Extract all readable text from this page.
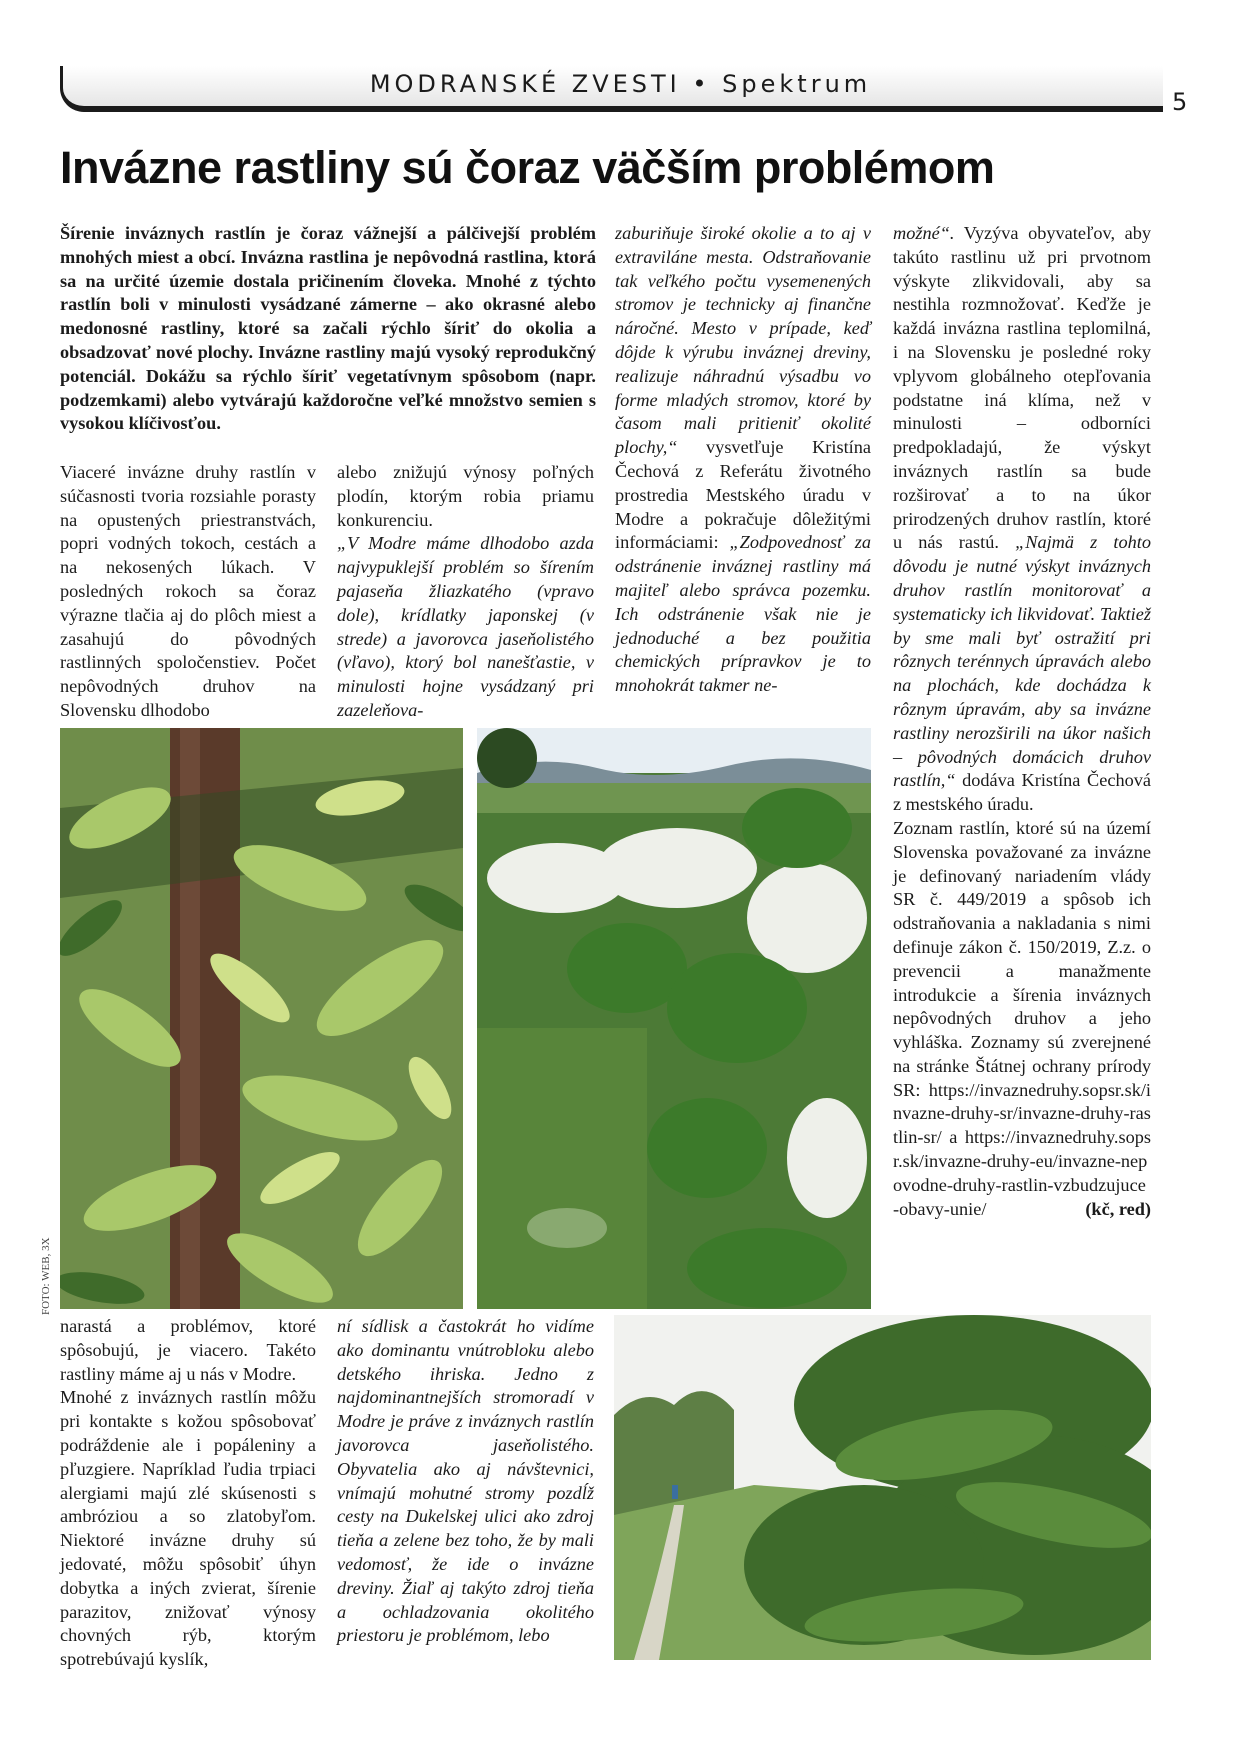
MODRANSKÉ ZVESTI • Spektrum
5
Invázne rastliny sú čoraz väčším problémom

Šírenie inváznych rastlín je čoraz vážnejší a pálčivejší problém mnohých miest a obcí. Invázna rastlina je nepôvodná rastlina, ktorá sa na určité územie dostala pričinením človeka. Mnohé z týchto rastlín boli v minulosti vysádzané zámerne – ako okrasné alebo medonosné rastliny, ktoré sa začali rýchlo šíriť do okolia a obsadzovať nové plochy. Invázne rastliny majú vysoký reprodukčný potenciál. Dokážu sa rýchlo šíriť vegetatívnym spôsobom (napr. podzemkami) alebo vytvárajú každoročne veľké množstvo semien s vysokou klíčivosťou.

Viaceré invázne druhy rastlín v súčasnosti tvoria rozsiahle porasty na opustených priestranstvách, popri vodných tokoch, cestách a na nekosených lúkach. V posledných rokoch sa čoraz výrazne tlačia aj do plôch miest a zasahujú do pôvodných rastlinných spoločenstiev. Počet nepôvodných druhov na Slovensku dlhodobo

alebo znižujú výnosy poľných plodín, ktorým robia priamu konkurenciu.
„V Modre máme dlhodobo azda najvypuklejší problém so šírením pajaseňa žliazkatého (vpravo dole), krídlatky japonskej (v strede) a javorovca jaseňolistého (vľavo), ktorý bol nanešťastie, v minulosti hojne vysádzaný pri zazeleňova-
zaburiňuje široké okolie a to aj v extraviláne mesta. Odstraňovanie tak veľkého počtu vysemenených stromov je technicky aj finančne náročné. Mesto v prípade, keď dôjde k výrubu inváznej dreviny, realizuje náhradnú výsadbu vo forme mladých stromov, ktoré by časom mali pritieniť okolité plochy,“ vysvetľuje Kristína Čechová z Referátu životného prostredia Mestského úradu v Modre a pokračuje dôležitými informáciami: „Zodpovednosť za odstránenie inváznej rastliny má majiteľ alebo správca pozemku. Ich odstránenie však nie je jednoduché a bez použitia chemických prípravkov je to mnohokrát takmer ne-
možné“. Vyzýva obyvateľov, aby takúto rastlinu už pri prvotnom výskyte zlikvidovali, aby sa nestihla rozmnožovať. Keďže je každá invázna rastlina teplomilná, i na Slovensku je posledné roky vplyvom globálneho otepľovania podstatne iná klíma, než v minulosti – odborníci predpokladajú, že výskyt inváznych rastlín sa bude rozširovať a to na úkor prirodzených druhov rastlín, ktoré u nás rastú. „Najmä z tohto dôvodu je nutné výskyt inváznych druhov rastlín monitorovať a systematicky ich likvidovať. Taktiež by sme mali byť ostražití pri rôznych terénnych úpravách alebo na plochách, kde dochádza k rôznym úpravám, aby sa invázne rastliny nerozširili na úkor našich – pôvodných domácich druhov rastlín,“ dodáva Kristína Čechová z mestského úradu.
Zoznam rastlín, ktoré sú na území Slovenska považované za invázne je definovaný nariadením vlády SR č. 449/2019 a spôsob ich odstraňovania a nakladania s nimi definuje zákon č. 150/2019, Z.z. o prevencii a manažmente introdukcie a šírenia inváznych nepôvodných druhov a jeho vyhláška. Zoznamy sú zverejnené na stránke Štátnej ochrany prírody SR: https://invaznedruhy.sopsr.sk/invazne-druhy-sr/invazne-druhy-rastlin-sr/ a https://invaznedruhy.sopsr.sk/invazne-druhy-eu/invazne-nepovodne-druhy-rastlin-vzbudzujuce-obavy-unie/	(kč, red)
FOTO: WEB, 3X
narastá a problémov, ktoré spôsobujú, je viacero. Takéto rastliny máme aj u nás v Modre.
Mnohé z inváznych rastlín môžu pri kontakte s kožou spôsobovať podráždenie ale i popáleniny a pľuzgiere. Napríklad ľudia trpiaci alergiami majú zlé skúsenosti s ambróziou a so zlatobyľom. Niektoré invázne druhy sú jedovaté, môžu spôsobiť úhyn dobytka a iných zvierat, šírenie parazitov, znižovať výnosy chovných rýb, ktorým spotrebúvajú kyslík,

ní sídlisk a častokrát ho vidíme ako dominantu vnútrobloku alebo detského ihriska. Jedno z najdominantnejších stromoradí v Modre je práve z inváznych rastlín javorovca jaseňolistého. Obyvatelia ako aj návštevnici, vnímajú mohutné stromy pozdĺž cesty na Dukelskej ulici ako zdroj tieňa a zelene bez toho, že by mali vedomosť, že ide o invázne dreviny. Žiaľ aj takýto zdroj tieňa a ochladzovania okolitého priestoru je problémom, lebo
